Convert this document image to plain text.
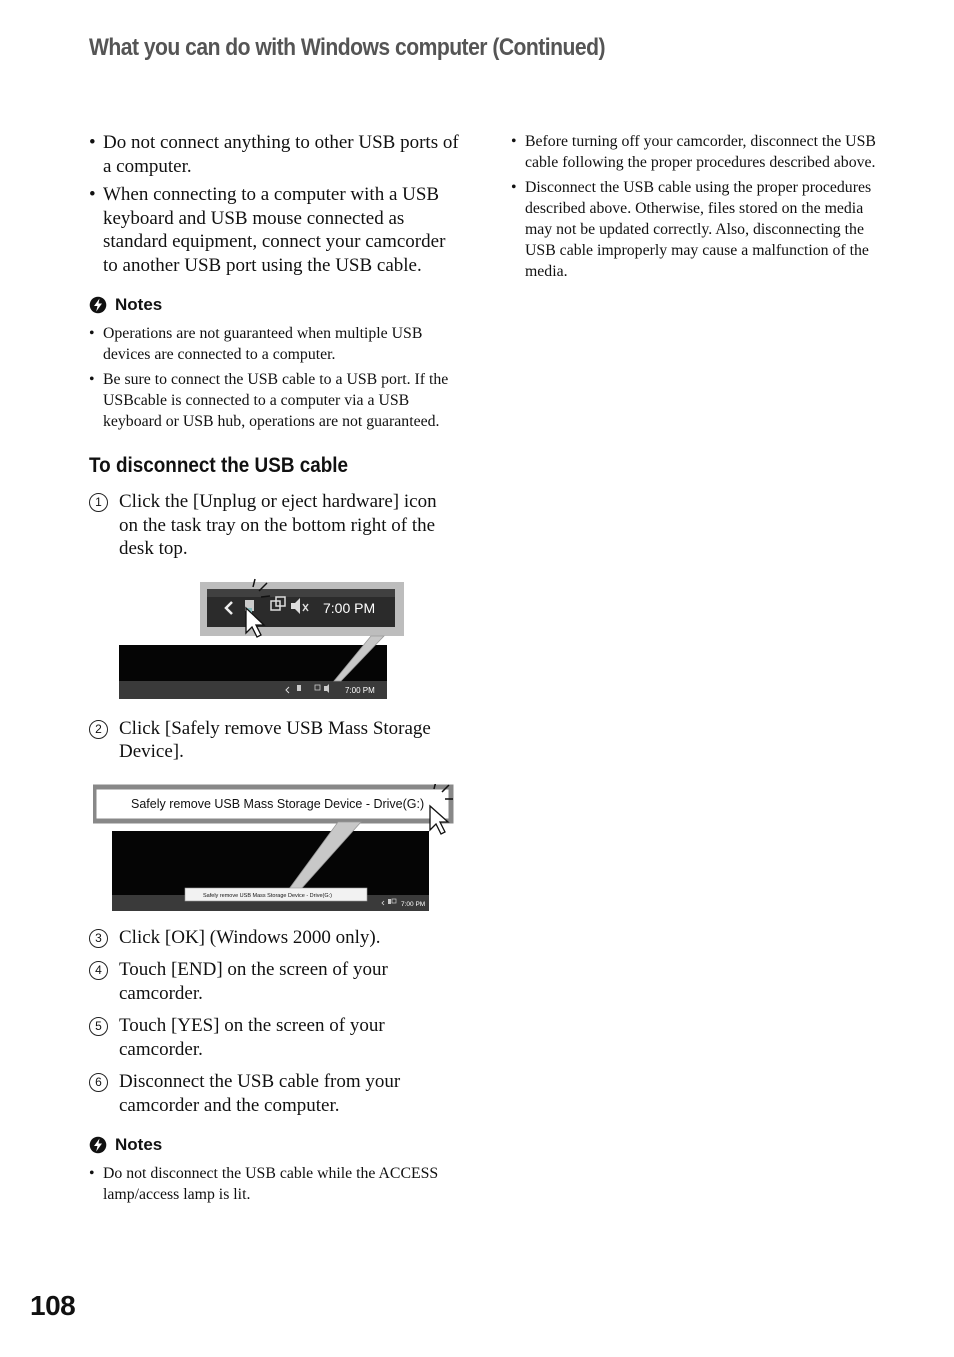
What you can do with Windows computer (Continued)
• Do not connect anything to other USB ports of a computer.
• When connecting to a computer with a USB keyboard and USB mouse connected as standard equipment, connect your camcorder to another USB port using the USB cable.
Notes
• Operations are not guaranteed when multiple USB devices are connected to a computer.
• Be sure to connect the USB cable to a USB port. If the USBcable is connected to a computer via a USB keyboard or USB hub, operations are not guaranteed.
To disconnect the USB cable
1 Click the [Unplug or eject hardware] icon on the task tray on the bottom right of the desk top.
7:00 PM
7:00 PM
2 Click [Safely remove USB Mass Storage Device].
Safely remove USB Mass Storage Device - Drive(G:)
Safely remove USB Mass Storage Device - Drive(G:)
7:00 PM
3 Click [OK] (Windows 2000 only).
4 Touch [END] on the screen of your camcorder.
5 Touch [YES] on the screen of your camcorder.
6 Disconnect the USB cable from your camcorder and the computer.
Notes
• Do not disconnect the USB cable while the ACCESS lamp/access lamp is lit.
• Before turning off your camcorder, disconnect the USB cable following the proper procedures described above.
• Disconnect the USB cable using the proper procedures described above. Otherwise, files stored on the media may not be updated correctly. Also, disconnecting the USB cable improperly may cause a malfunction of the media.
108
